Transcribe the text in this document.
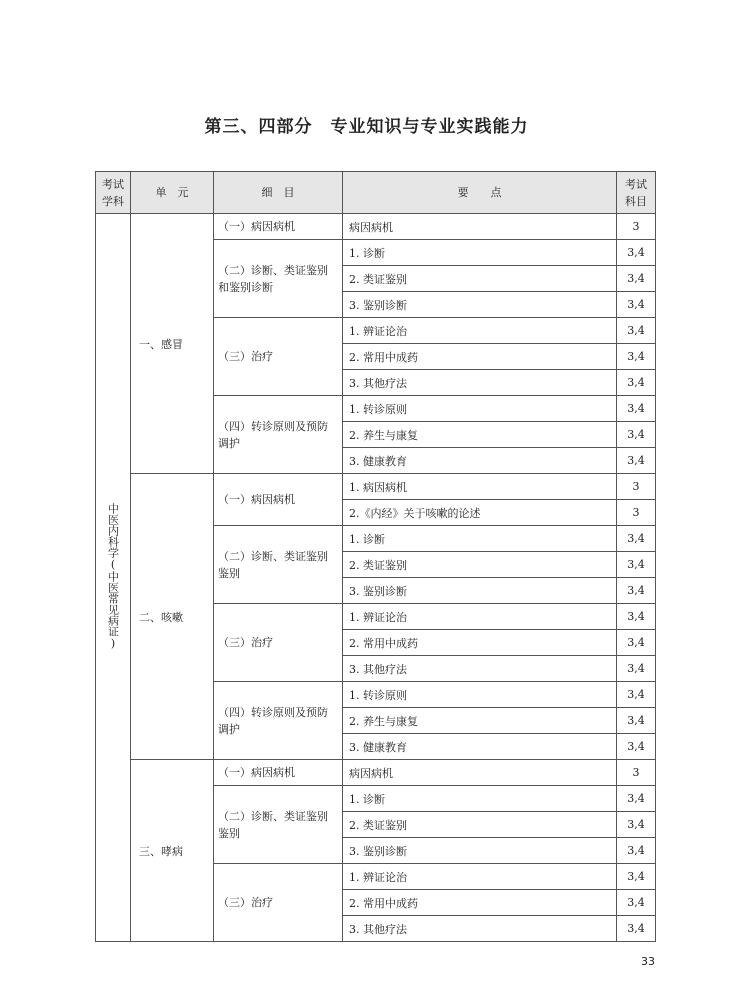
第三、四部分　专业知识与专业实践能力
考试
学科	单　元	细　目	要　　点	考试
科目
中医内科学(中医常见病证)	一、感冒	（一）病因病机	病因病机	3
		（二）诊断、类证鉴别和鉴别诊断	1. 诊断	3,4
			2. 类证鉴别	3,4
			3. 鉴别诊断	3,4
		（三）治疗	1. 辨证论治	3,4
			2. 常用中成药	3,4
			3. 其他疗法	3,4
		（四）转诊原则及预防调护	1. 转诊原则	3,4
			2. 养生与康复	3,4
			3. 健康教育	3,4
	二、咳嗽	（一）病因病机	1. 病因病机	3
			2.《内经》关于咳嗽的论述	3
		（二）诊断、类证鉴别鉴别	1. 诊断	3,4
			2. 类证鉴别	3,4
			3. 鉴别诊断	3,4
		（三）治疗	1. 辨证论治	3,4
			2. 常用中成药	3,4
			3. 其他疗法	3,4
		（四）转诊原则及预防调护	1. 转诊原则	3,4
			2. 养生与康复	3,4
			3. 健康教育	3,4
	三、哮病	（一）病因病机	病因病机	3
		（二）诊断、类证鉴别鉴别	1. 诊断	3,4
			2. 类证鉴别	3,4
			3. 鉴别诊断	3,4
		（三）治疗	1. 辨证论治	3,4
			2. 常用中成药	3,4
			3. 其他疗法	3,4
33
